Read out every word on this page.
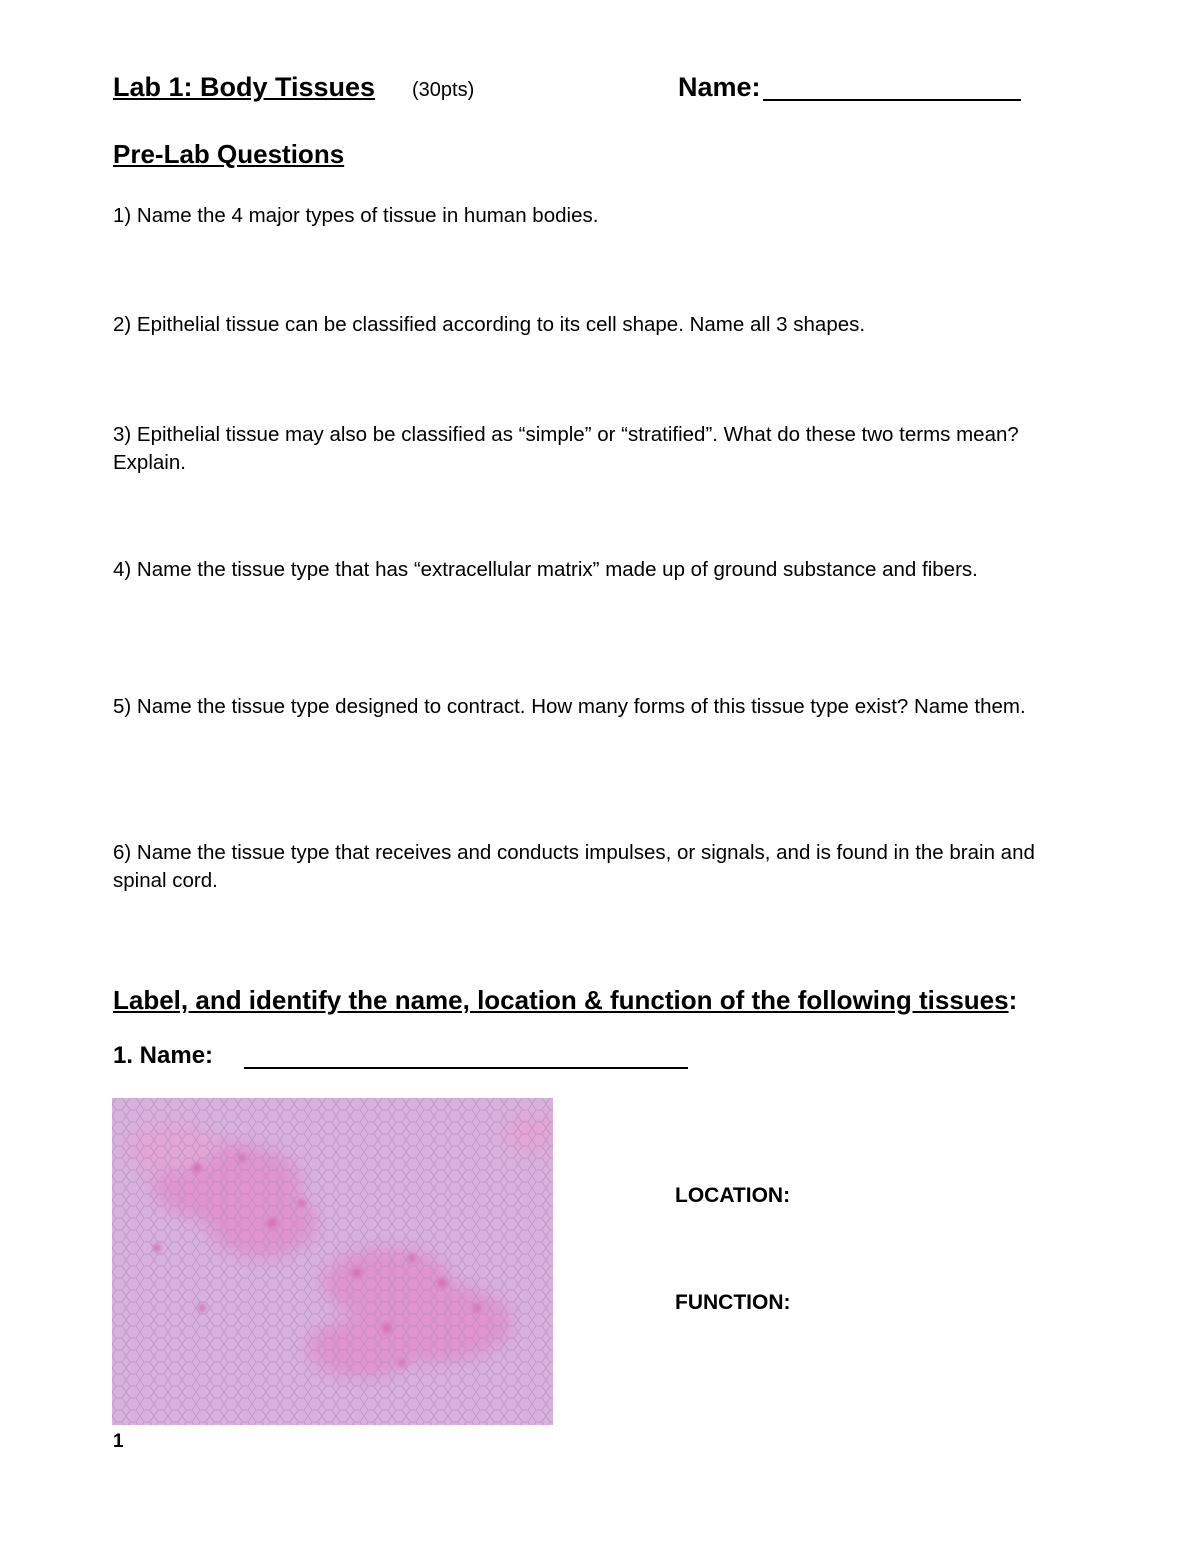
Lab 1: Body Tissues (30pts)	Name:
Pre-Lab Questions
1) Name the 4 major types of tissue in human bodies.
2) Epithelial tissue can be classified according to its cell shape. Name all 3 shapes.
3) Epithelial tissue may also be classified as “simple” or “stratified”. What do these two terms mean? Explain.
4) Name the tissue type that has “extracellular matrix” made up of ground substance and fibers.
5) Name the tissue type designed to contract. How many forms of this tissue type exist? Name them.
6) Name the tissue type that receives and conducts impulses, or signals, and is found in the brain and spinal cord.
Label, and identify the name, location & function of the following tissues:
1. Name:
LOCATION:
FUNCTION:
1
